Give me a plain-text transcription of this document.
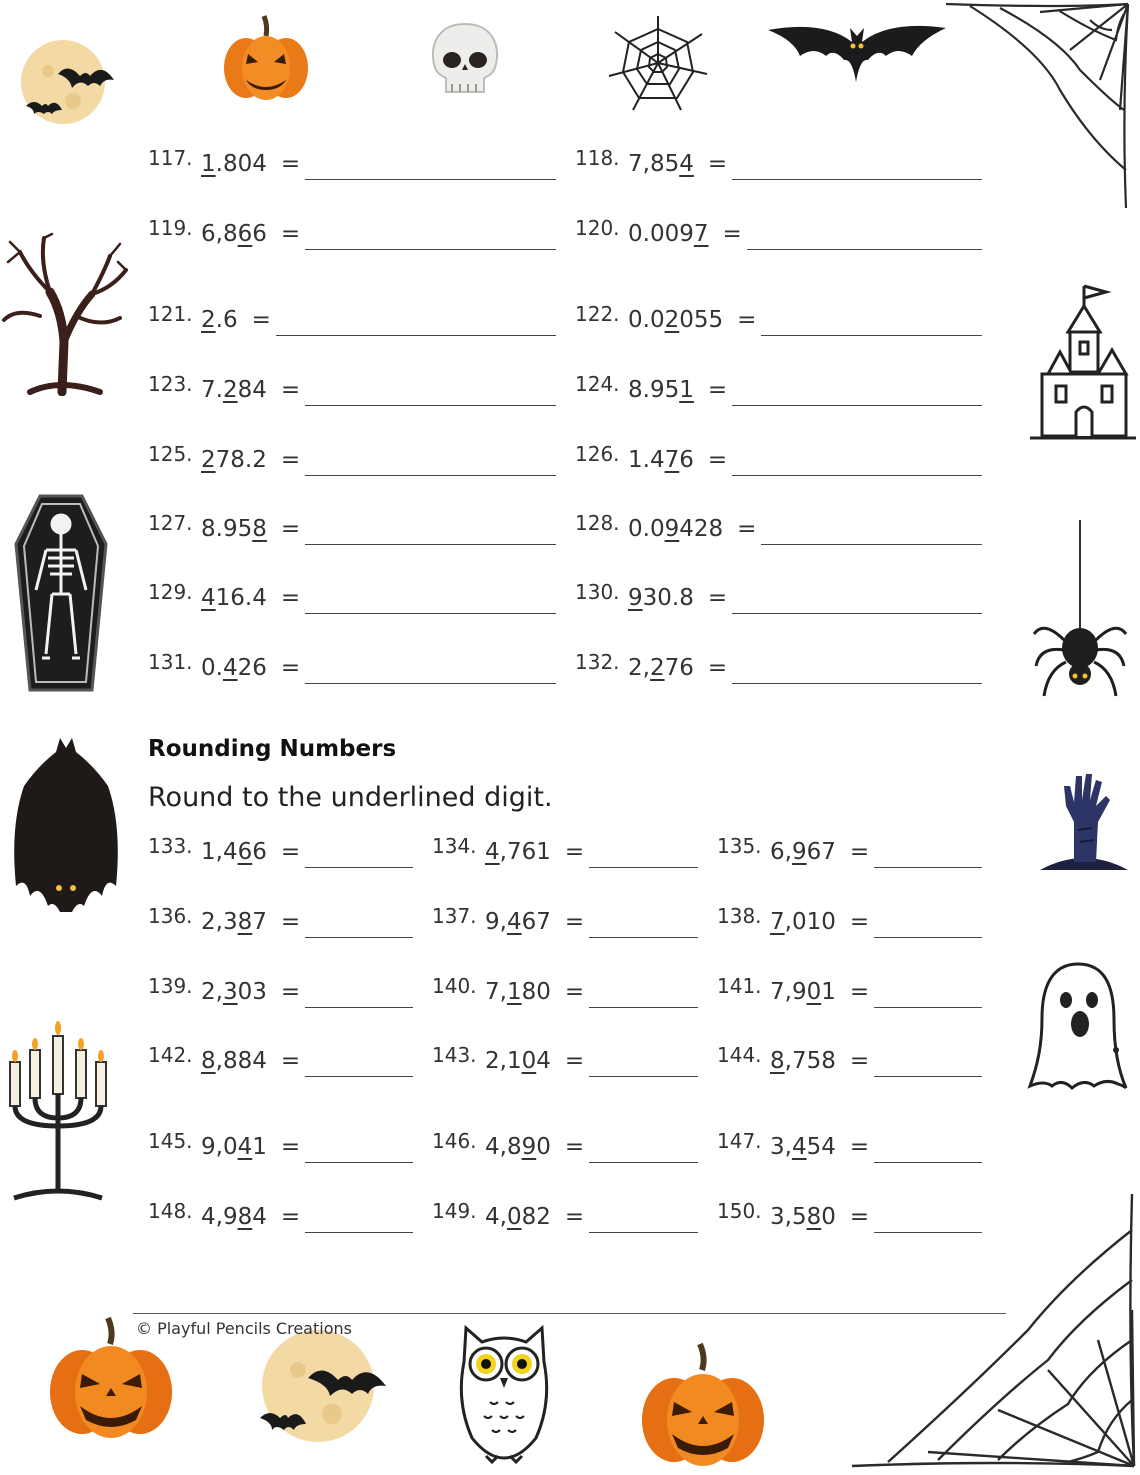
117. 1.804 =	118. 7,854 =
119. 6,866 =	120. 0.0097 =
121. 2.6 =	122. 0.02055 =
123. 7.284 =	124. 8.951 =
125. 278.2 =	126. 1.476 =
127. 8.958 =	128. 0.09428 =
129. 416.4 =	130. 930.8 =
131. 0.426 =	132. 2,276 =
Rounding Numbers
Round to the underlined digit.
133. 1,466 =	134. 4,761 =	135. 6,967 =
136. 2,387 =	137. 9,467 =	138. 7,010 =
139. 2,303 =	140. 7,180 =	141. 7,901 =
142. 8,884 =	143. 2,104 =	144. 8,758 =
145. 9,041 =	146. 4,890 =	147. 3,454 =
148. 4,984 =	149. 4,082 =	150. 3,580 =
© Playful Pencils Creations
